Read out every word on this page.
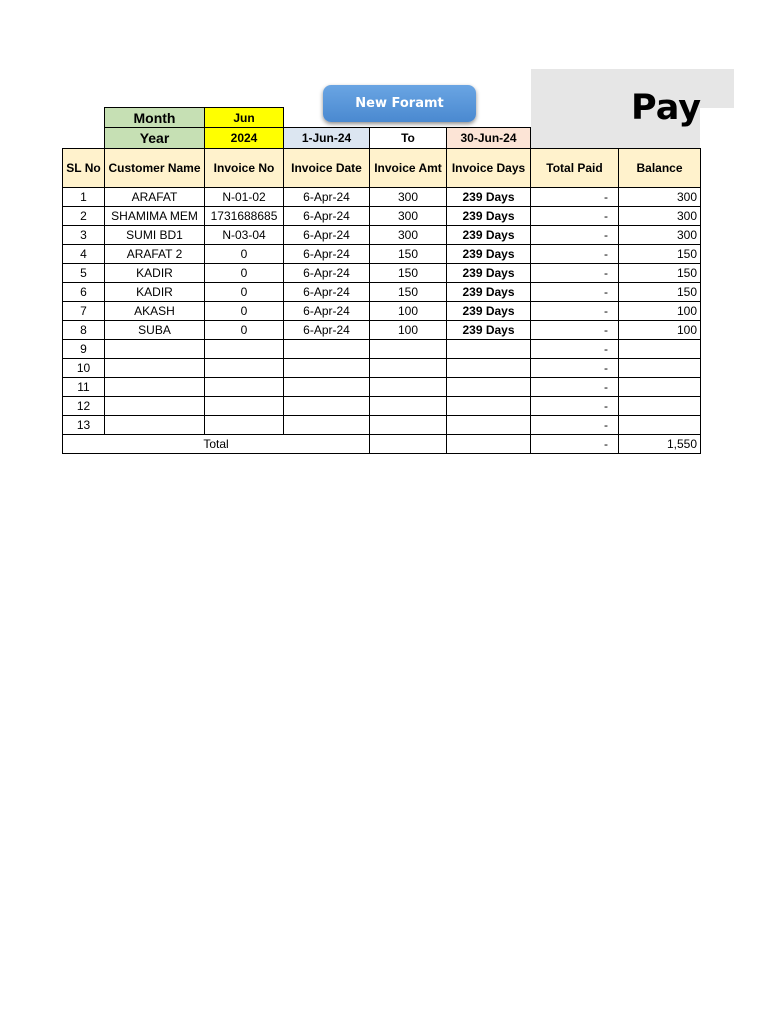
Month	Jun
Year	2024	1-Jun-24	To	30-Jun-24
New Foramt	Pay
SL No	Customer Name	Invoice No	Invoice Date	Invoice Amt	Invoice Days	Total Paid	Balance
1	ARAFAT	N-01-02	6-Apr-24	300	239 Days	-	300
2	SHAMIMA MEM	1731688685	6-Apr-24	300	239 Days	-	300
3	SUMI BD1	N-03-04	6-Apr-24	300	239 Days	-	300
4	ARAFAT 2	0	6-Apr-24	150	239 Days	-	150
5	KADIR	0	6-Apr-24	150	239 Days	-	150
6	KADIR	0	6-Apr-24	150	239 Days	-	150
7	AKASH	0	6-Apr-24	100	239 Days	-	100
8	SUBA	0	6-Apr-24	100	239 Days	-	100
9						-	
10						-	
11						-	
12						-	
13						-	
Total						-	1,550
